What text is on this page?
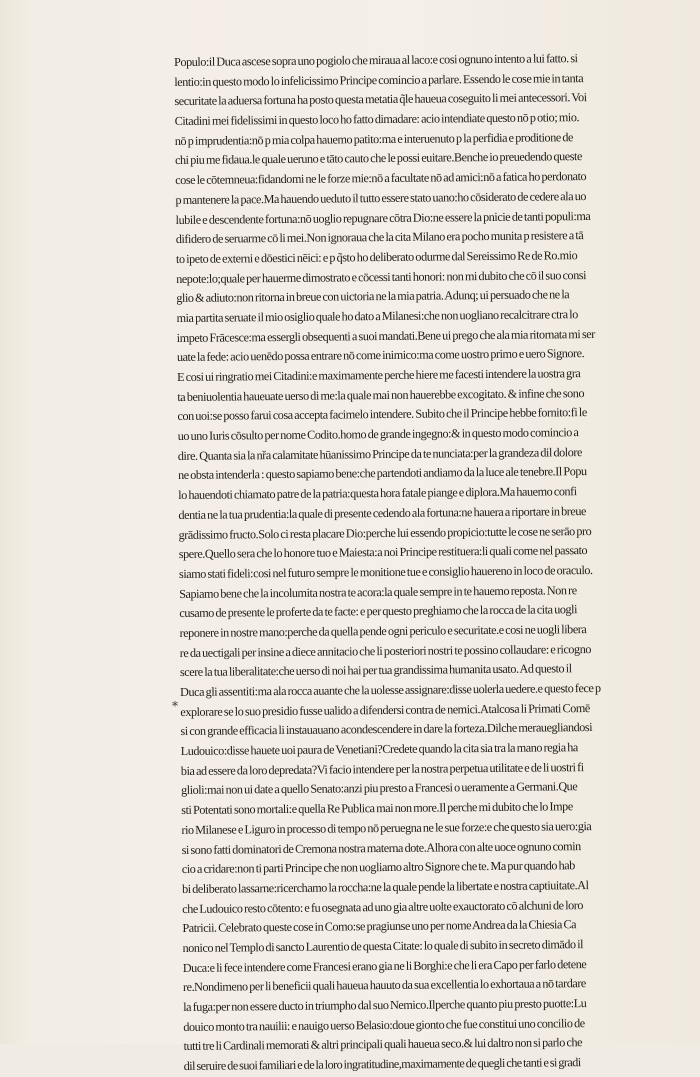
*
Populo:il Duca ascese sopra uno pogiolo che miraua al laco:e cosi ognuno intento a lui fatto. si
lentio:in questo modo lo infelicissimo Principe comincio a parlare. Essendo le cose mie in tanta
securitate la aduersa fortuna ha posto questa metatia q̃le haueua coseguito li mei antecessori. Voi
Citadini mei fidelissimi in questo loco ho fatto dimadare: acio intendiate questo nō p otio; mio.
nō p imprudentia:nō p mia colpa hauemo patito:ma e interuenuto p la perfidia e proditione de
chi piu me fidaua.le quale ueruno e tāto cauto che le possi euitare.Benche io preuedendo queste
cose le cōtemneua:fidandomi ne le forze mie:nō a facultate nō ad amici:nō a fatica ho perdonato
p mantenere la pace.Ma hauendo ueduto il tutto essere stato uano:ho cōsiderato de cedere ala uo
lubile e descendente fortuna:nō uoglio repugnare cōtra Dio:ne essere la pnicie de tanti populi:ma
difidero de seruarme cō li mei.Non ignoraua che la cita Milano era pocho munita p resistere a tā
to ipeto de externi e dōestici nēici: e p q̃sto ho deliberato odurme dal Sereissimo Re de Ro.mio
nepote:lo;quale per hauerme dimostrato e cōcessi tanti honori: non mi dubito che cō il suo consi
glio & adiuto:non ritorna in breue con uictoria ne la mia patria. Adunq; ui persuado che ne la
mia partita seruate il mio osiglio quale ho dato a Milanesi:che non uogliano recalcitrare ctra lo
impeto Frācesce:ma essergli obsequenti a suoi mandati.Bene ui prego che ala mia ritornata mi ser
uate la fede: acio uenēdo possa entrare nō come inimico:ma come uostro primo e uero Signore.
E cosi ui ringratio mei Citadini:e maximamente perche hiere me facesti intendere la uostra gra
ta beniuolentia haueuate uerso di me:la quale mai non hauerebbe excogitato. & infine che sono
con uoi:se posso farui cosa accepta facimelo intendere. Subito che il Principe hebbe fornito:fi le
uo uno Iuris cōsulto per nome Codito.homo de grande ingegno:& in questo modo comincio a
dire. Quanta sia la nřa calamitate hūanissimo Principe da te nunciata:per la grandeza dil dolore
ne obsta intenderla : questo sapiamo bene:che partendoti andiamo da la luce ale tenebre.Il Popu
lo hauendoti chiamato patre de la patria:questa hora fatale piange e diplora.Ma hauemo confi
dentia ne la tua prudentia:la quale di presente cedendo ala fortuna:ne hauera a riportare in breue
grādissimo fructo.Solo ci resta placare Dio:perche lui essendo propicio:tutte le cose ne serāo pro
spere.Quello sera che lo honore tuo e Maiesta:a noi Principe restituera:li quali come nel passato
siamo stati fideli:cosi nel futuro sempre le monitione tue e consiglio hauereno in loco de oraculo.
Sapiamo bene che la incolumita nostra te acora:la quale sempre in te hauemo reposta. Non re
cusamo de presente le proferte da te facte: e per questo preghiamo che la rocca de la cita uogli
reponere in nostre mano:perche da quella pende ogni periculo e securitate.e cosi ne uogli libera
re da uectigali per insine a diece annitacio che li posteriori nostri te possino collaudare: e ricogno
scere la tua liberalitate:che uerso di noi hai per tua grandissima humanita usato. Ad questo il
Duca gli assentiti:ma ala rocca auante che la uolesse assignare:disse uolerla uedere.e questo fece p
explorare se lo suo presidio fusse ualido a difendersi contra de nemici.Atalcosa li Primati Comē
si con grande efficacia li instauauano acondescendere in dare la forteza.Dilche merauegliandosi
Ludouico:disse hauete uoi paura de Venetiani?Credete quando la cita sia tra la mano regia ha
bia ad essere da loro depredata?Vi facio intendere per la nostra perpetua utilitate e de li uostri fi
glioli:mai non ui date a quello Senato:anzi piu presto a Francesi o ueramente a Germani.Que
sti Potentati sono mortali:e quella Re Publica mai non more.Il perche mi dubito che lo Impe
rio Milanese e Liguro in processo di tempo nō peruegna ne le sue forze:e che questo sia uero:gia
si sono fatti dominatori de Cremona nostra materna dote.Alhora con alte uoce ognuno comin
cio a cridare:non ti parti Principe che non uogliamo altro Signore che te. Ma pur quando hab
bi deliberato lassarne:ricerchamo la roccha:ne la quale pende la libertate e nostra captiuitate.Al
che Ludouico resto cōtento: e fu osegnata ad uno gia altre uolte exauctorato cō alchuni de loro
Patricii. Celebrato queste cose in Como:se pragiunse uno per nome Andrea da la Chiesia Ca
nonico nel Templo di sancto Laurentio de questa Citate: lo quale di subito in secreto dimādo il
Duca:e li fece intendere come Francesi erano gia ne li Borghi:e che li era Capo per farlo detene
re.Nondimeno per li beneficii quali haueua hauuto da sua excellentia lo exhortaua a nō tardare
la fuga:per non essere ducto in triumpho dal suo Nemico.Ilperche quanto piu presto puotte:Lu
douico monto tra nauilii: e nauigo uerso Belasio:doue gionto che fue constitui uno concilio de
tutti tre li Cardinali memorati & altri principali quali haueua seco.& lui daltro non si parlo che
dil seruire de suoi familiari e de la loro ingratitudine,maximamente de quegli che tanti e si gradi
